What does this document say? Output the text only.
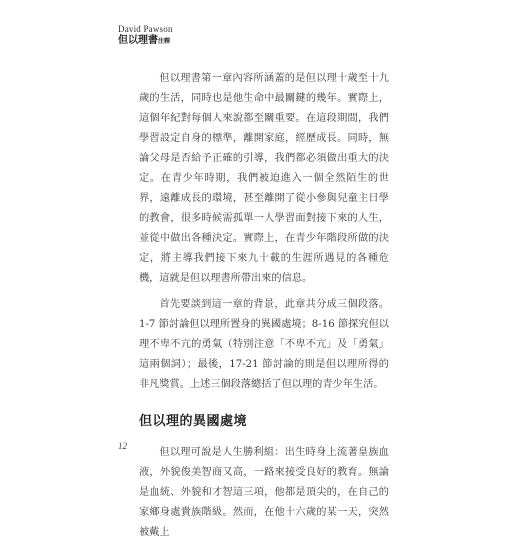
David Pawson
但以理書注釋

但以理書第一章內容所涵蓋的是但以理十歲至十九歲的生活，同時也是他生命中最關鍵的幾年。實際上，這個年紀對每個人來說都至關重要。在這段期間，我們學習設定自身的標準，離開家庭，經歷成長。同時，無論父母是否給予正確的引導，我們都必須做出重大的決定。在青少年時期，我們被迫進入一個全然陌生的世界，遠離成長的環境，甚至離開了從小參與兒童主日學的教會，很多時候需孤單一人學習面對接下來的人生，並從中做出各種決定。實際上，在青少年階段所做的決定，將主導我們接下來九十載的生涯所遇見的各種危機，這就是但以理書所帶出來的信息。

首先要談到這一章的背景，此章共分成三個段落。1-7 節討論但以理所置身的異國處境；8-16 節探究但以理不卑不亢的勇氣（特別注意「不卑不亢」及「勇氣」這兩個詞）；最後，17-21 節討論的則是但以理所得的非凡獎賞。上述三個段落總括了但以理的青少年生活。

但以理的異國處境

但以理可說是人生勝利組：出生時身上流著皇族血液，外貌俊美智商又高，一路來接受良好的教育。無論是血統、外貌和才智這三項，他都是頂尖的，在自己的家鄉身處貴族階級。然而，在他十六歲的某一天，突然被戴上

12
